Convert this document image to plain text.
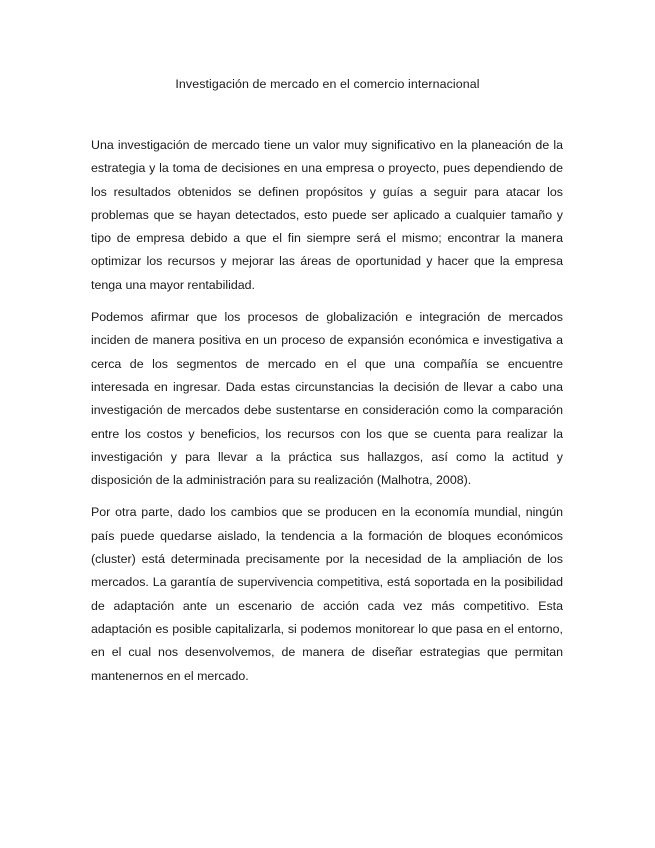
Investigación de mercado en el comercio internacional

Una investigación de mercado tiene un valor muy significativo en la planeación de la estrategia y la toma de decisiones en una empresa o proyecto, pues dependiendo de los resultados obtenidos se definen propósitos y guías a seguir para atacar los problemas que se hayan detectados, esto puede ser aplicado a cualquier tamaño y tipo de empresa debido a que el fin siempre será el mismo; encontrar la manera optimizar los recursos y mejorar las áreas de oportunidad y hacer que la empresa tenga una mayor rentabilidad.

Podemos afirmar que los procesos de globalización e integración de mercados inciden de manera positiva en un proceso de expansión económica e investigativa a cerca de los segmentos de mercado en el que una compañía se encuentre interesada en ingresar. Dada estas circunstancias la decisión de llevar a cabo una investigación de mercados debe sustentarse en consideración como la comparación entre los costos y beneficios, los recursos con los que se cuenta para realizar la investigación y para llevar a la práctica sus hallazgos, así como la actitud y disposición de la administración para su realización (Malhotra, 2008).

Por otra parte, dado los cambios que se producen en la economía mundial, ningún país puede quedarse aislado, la tendencia a la formación de bloques económicos (cluster) está determinada precisamente por la necesidad de la ampliación de los mercados. La garantía de supervivencia competitiva, está soportada en la posibilidad de adaptación ante un escenario de acción cada vez más competitivo. Esta adaptación es posible capitalizarla, si podemos monitorear lo que pasa en el entorno, en el cual nos desenvolvemos, de manera de diseñar estrategias que permitan mantenernos en el mercado.
